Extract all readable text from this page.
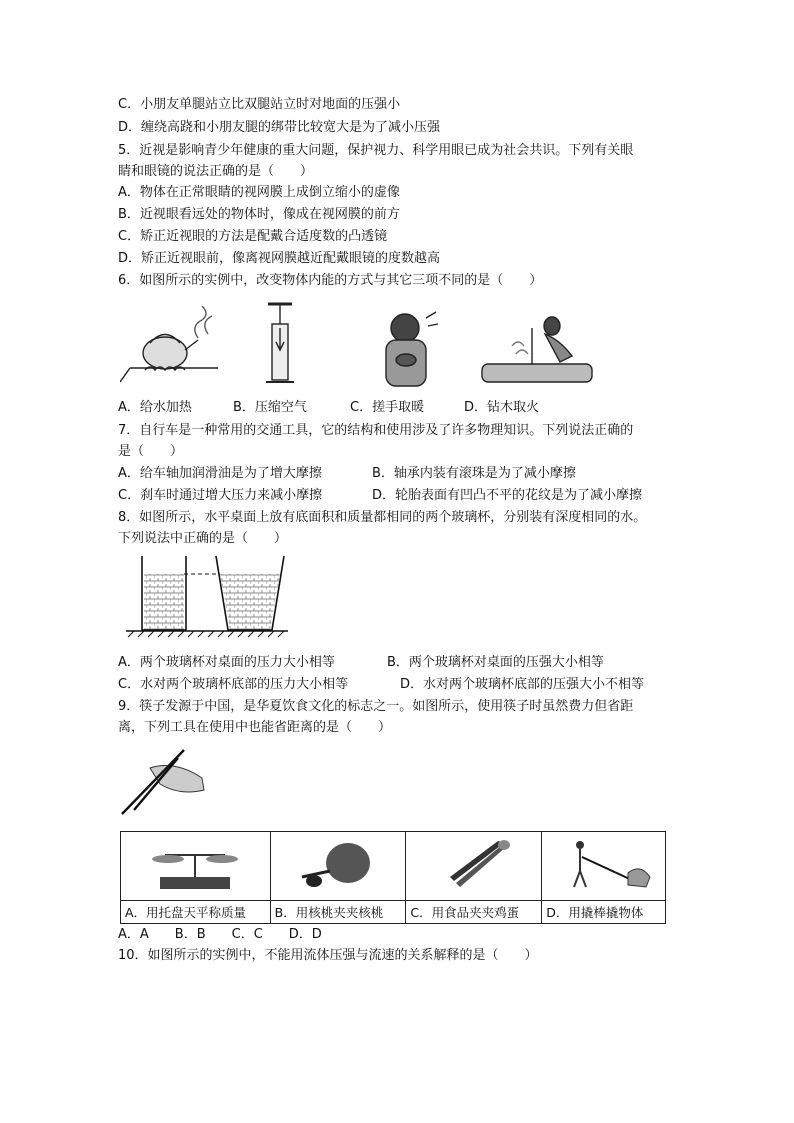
C．小朋友单腿站立比双腿站立时对地面的压强小
D．缠绕高跷和小朋友腿的绑带比较宽大是为了减小压强
5．近视是影响青少年健康的重大问题，保护视力、科学用眼已成为社会共识。下列有关眼
睛和眼镜的说法正确的是（　　）
A．物体在正常眼睛的视网膜上成倒立缩小的虚像
B．近视眼看远处的物体时，像成在视网膜的前方
C．矫正近视眼的方法是配戴合适度数的凸透镜
D．矫正近视眼前，像离视网膜越近配戴眼镜的度数越高
6．如图所示的实例中，改变物体内能的方式与其它三项不同的是（　　）
A．给水加热	B．压缩空气	C．搓手取暖	D．钻木取火
7．自行车是一种常用的交通工具，它的结构和使用涉及了许多物理知识。下列说法正确的
是（　　）
A．给车轴加润滑油是为了增大摩擦	B．轴承内装有滚珠是为了减小摩擦
C．刹车时通过增大压力来减小摩擦	D．轮胎表面有凹凸不平的花纹是为了减小摩擦
8．如图所示，水平桌面上放有底面积和质量都相同的两个玻璃杯，分别装有深度相同的水。
下列说法中正确的是（　　）
A．两个玻璃杯对桌面的压力大小相等	B．两个玻璃杯对桌面的压强大小相等
C．水对两个玻璃杯底部的压力大小相等	D．水对两个玻璃杯底部的压强大小不相等
9．筷子发源于中国，是华夏饮食文化的标志之一。如图所示，使用筷子时虽然费力但省距
离，下列工具在使用中也能省距离的是（　　）

A．用托盘天平称质量	B．用核桃夹夹核桃	C．用食品夹夹鸡蛋	D．用撬棒撬物体
A．A　　B．B　　C．C　　D．D
10．如图所示的实例中，不能用流体压强与流速的关系解释的是（　　）
